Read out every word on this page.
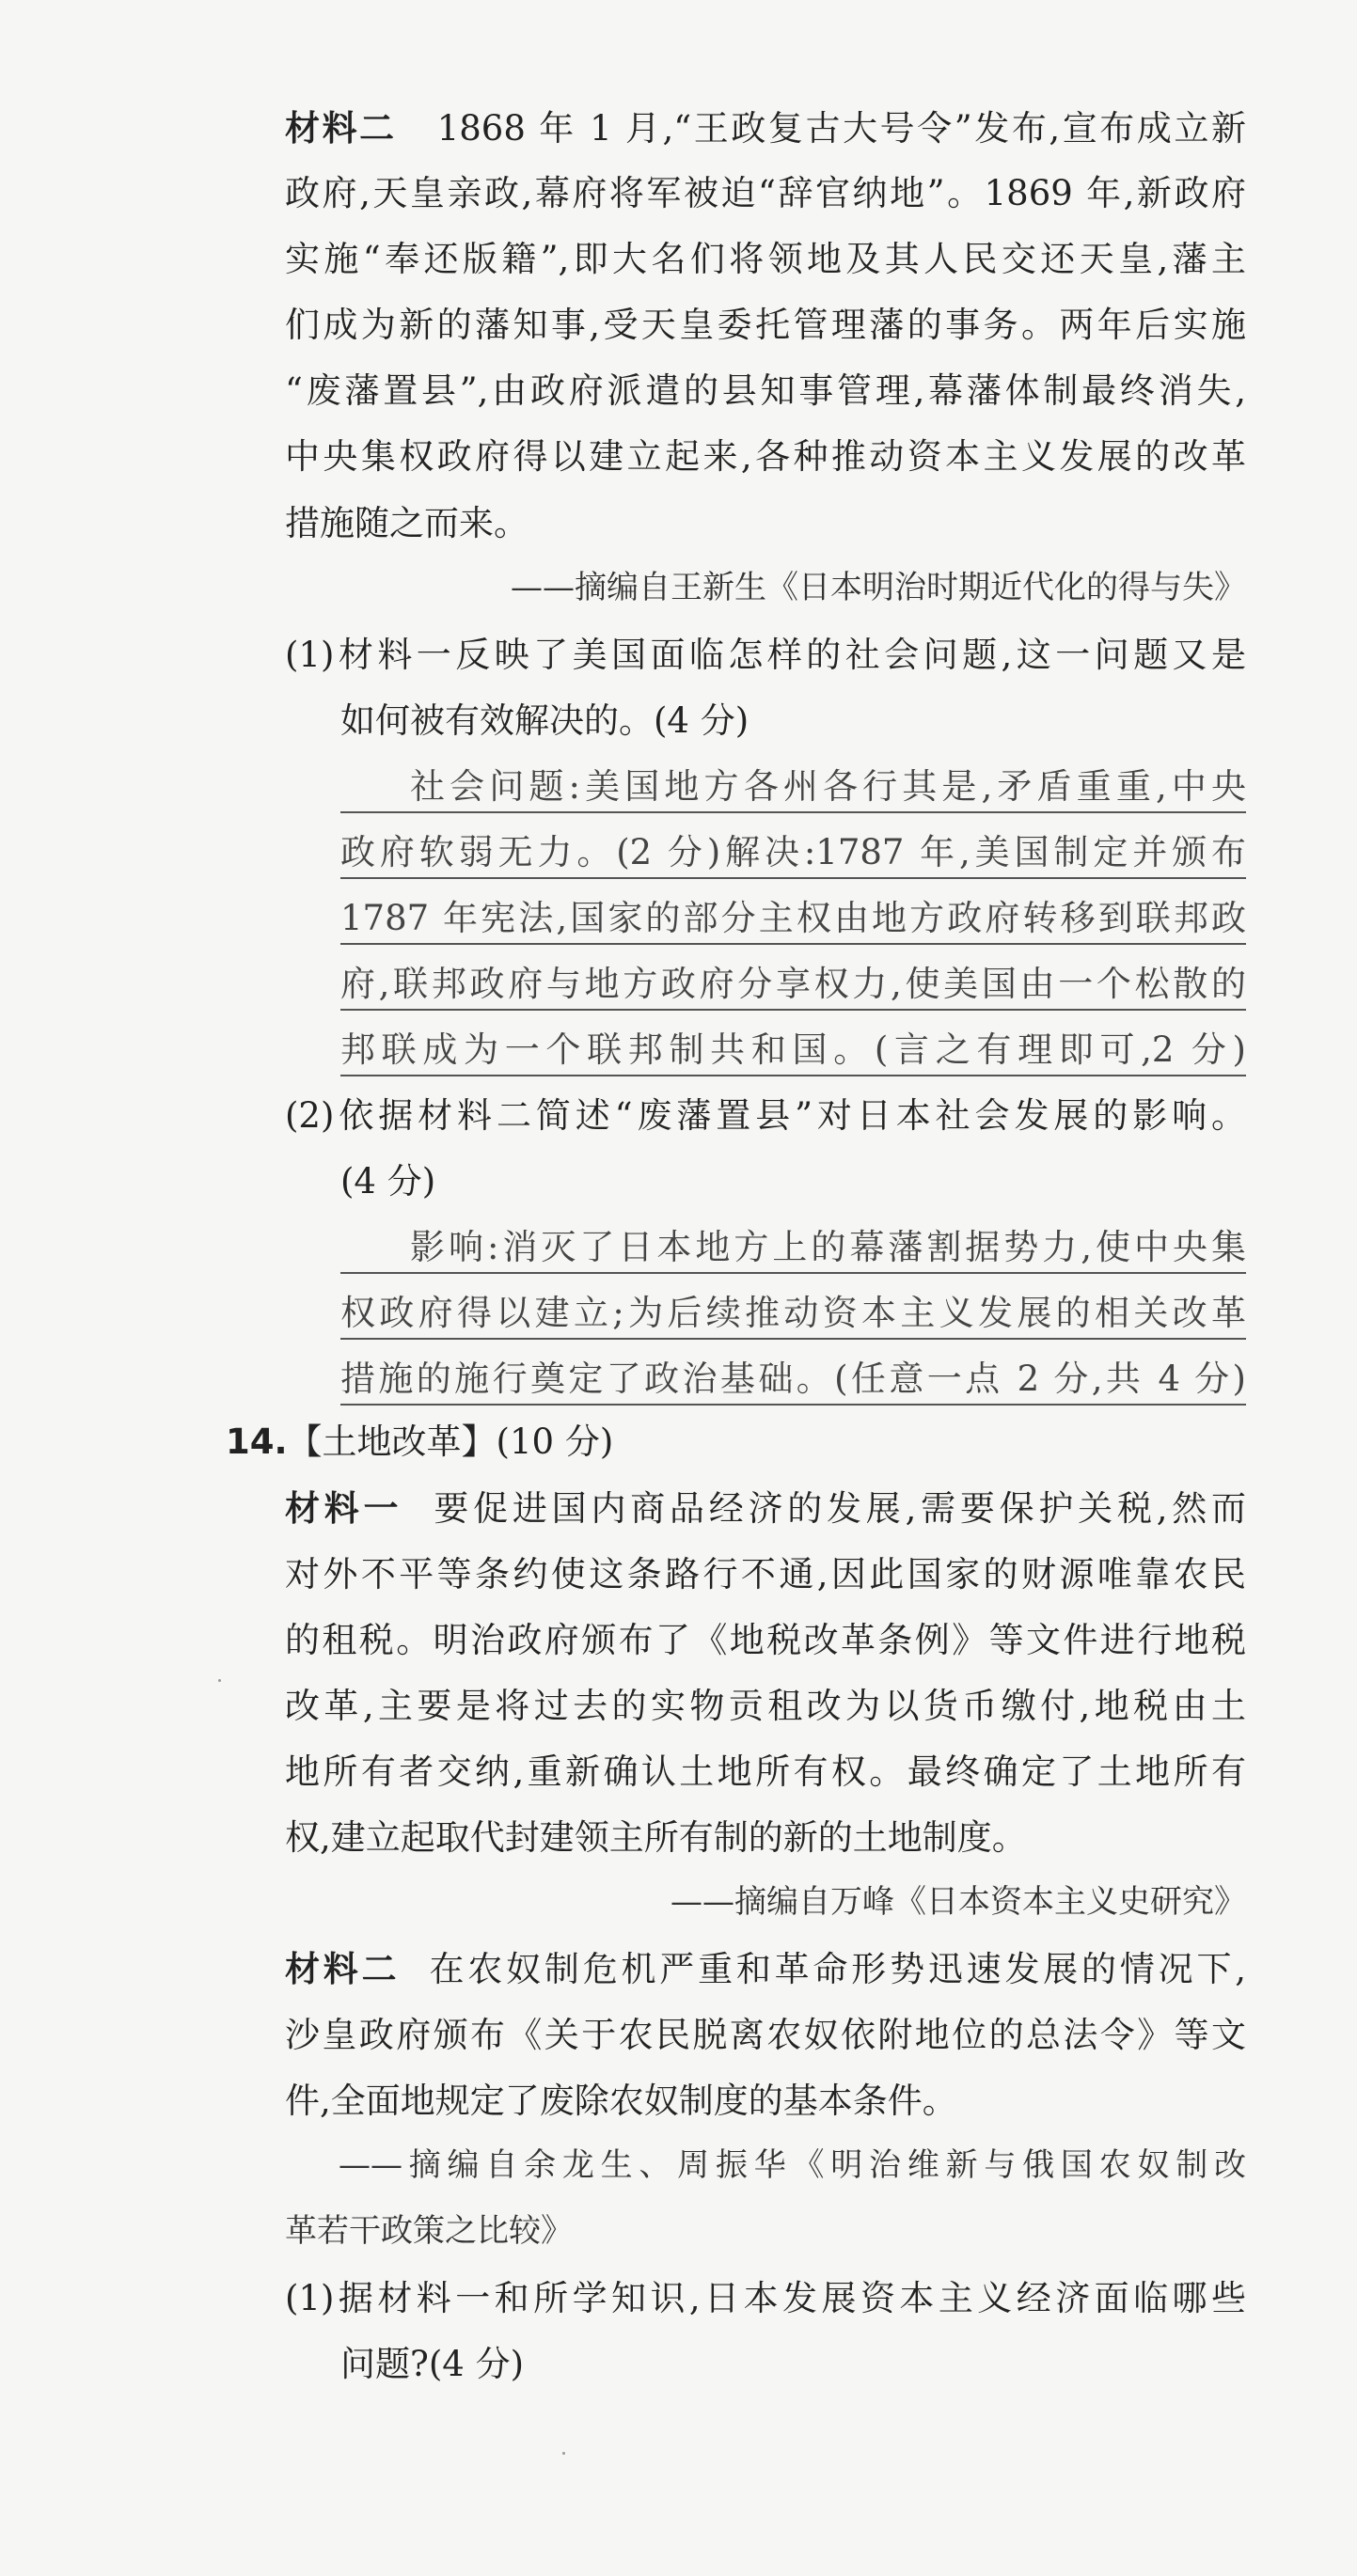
材料二 1868 年 1 月,“王政复古大号令”发布,宣布成立新
政府,天皇亲政,幕府将军被迫“辞官纳地”。1869 年,新政府
实施“奉还版籍”,即大名们将领地及其人民交还天皇,藩主
们成为新的藩知事,受天皇委托管理藩的事务。两年后实施
“废藩置县”,由政府派遣的县知事管理,幕藩体制最终消失,
中央集权政府得以建立起来,各种推动资本主义发展的改革
措施随之而来。
——摘编自王新生《日本明治时期近代化的得与失》
(1)材料一反映了美国面临怎样的社会问题,这一问题又是
如何被有效解决的。(4 分)
社会问题:美国地方各州各行其是,矛盾重重,中央
政府软弱无力。(2 分)解决:1787 年,美国制定并颁布
1787 年宪法,国家的部分主权由地方政府转移到联邦政
府,联邦政府与地方政府分享权力,使美国由一个松散的
邦联成为一个联邦制共和国。(言之有理即可,2 分)
(2)依据材料二简述“废藩置县”对日本社会发展的影响。
(4 分)
影响:消灭了日本地方上的幕藩割据势力,使中央集
权政府得以建立;为后续推动资本主义发展的相关改革
措施的施行奠定了政治基础。(任意一点 2 分,共 4 分)
14.【土地改革】(10 分)
材料一 要促进国内商品经济的发展,需要保护关税,然而
对外不平等条约使这条路行不通,因此国家的财源唯靠农民
的租税。明治政府颁布了《地税改革条例》等文件进行地税
改革,主要是将过去的实物贡租改为以货币缴付,地税由土
地所有者交纳,重新确认土地所有权。最终确定了土地所有
权,建立起取代封建领主所有制的新的土地制度。
——摘编自万峰《日本资本主义史研究》
材料二 在农奴制危机严重和革命形势迅速发展的情况下,
沙皇政府颁布《关于农民脱离农奴依附地位的总法令》等文
件,全面地规定了废除农奴制度的基本条件。
——摘编自余龙生、周振华《明治维新与俄国农奴制改
革若干政策之比较》
(1)据材料一和所学知识,日本发展资本主义经济面临哪些
问题?(4 分)
